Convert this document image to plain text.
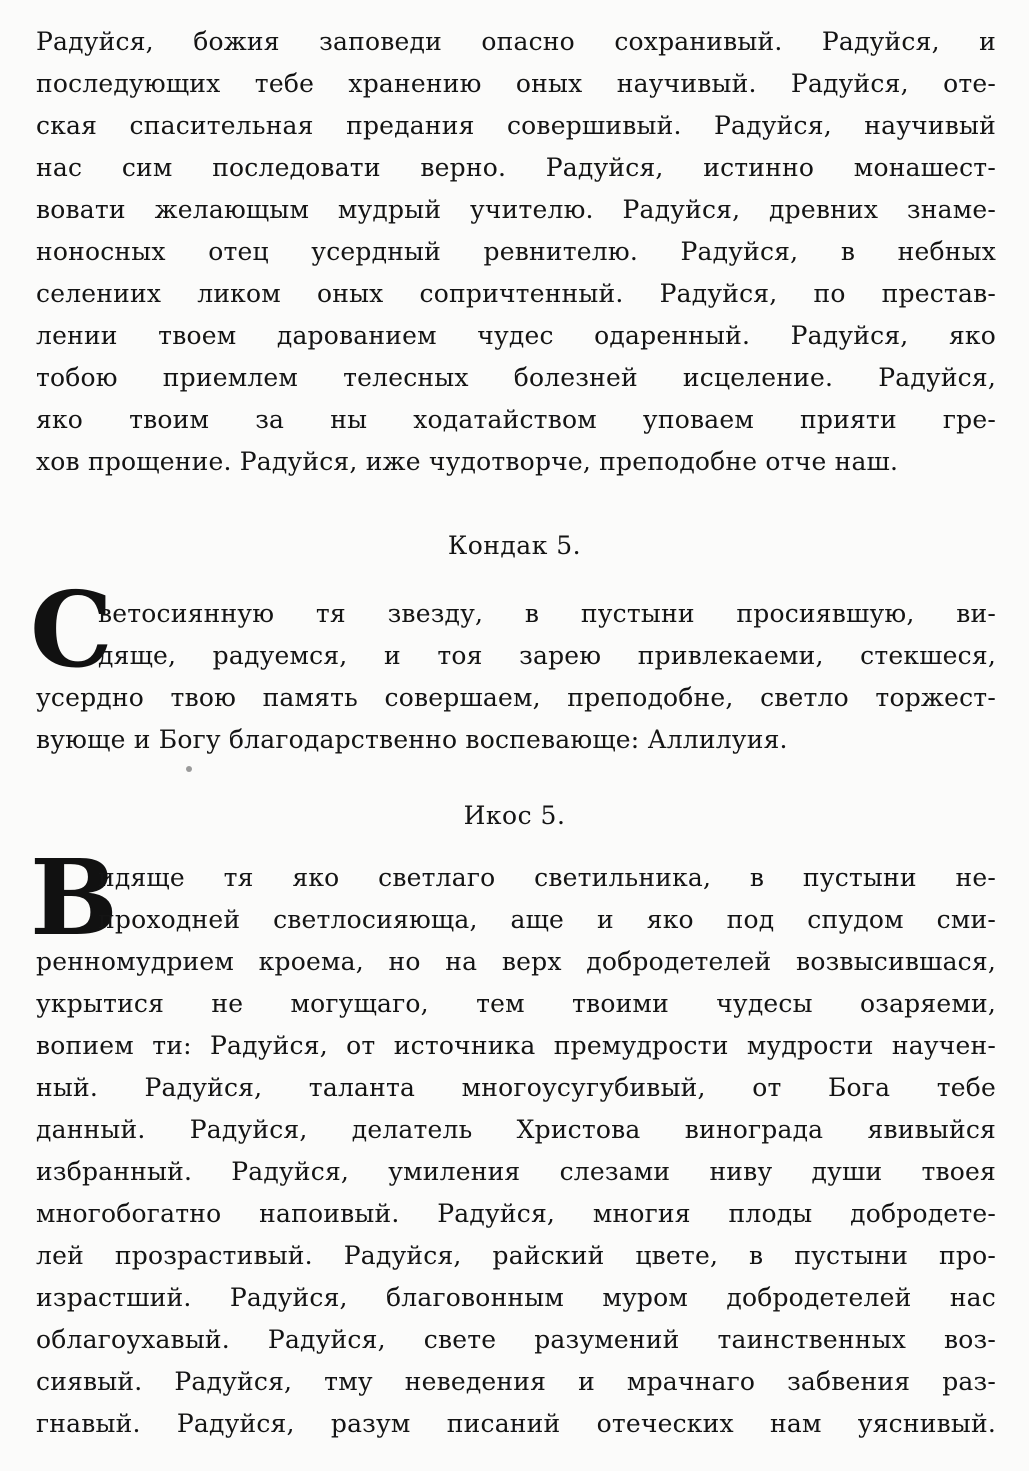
Радуйся, божия заповеди опасно сохранивый. Радуйся, и
последующих тебе хранению оных научивый. Радуйся, оте-
ская спасительная предания совершивый. Радуйся, научивый
нас сим последовати верно. Радуйся, истинно монашест-
вовати желающым мудрый учителю. Радуйся, древних знаме-
ноносных отец усердный ревнителю. Радуйся, в небных
селениих ликом оных сопричтенный. Радуйся, по престав-
лении твоем дарованием чудес одаренный. Радуйся, яко
тобою приемлем телесных болезней исцеление. Радуйся,
яко твоим за ны ходатайством уповаем прияти гре-
хов прощение. Радуйся, иже чудотворче, преподобне отче наш.
Кондак 5.
С
ветосиянную тя звезду, в пустыни просиявшую, ви-
дяще, радуемся, и тоя зарею привлекаеми, стекшеся,
усердно твою память совершаем, преподобне, светло торжест-
вующе и Богу благодарственно воспевающе: Аллилуия.
Икос 5.
В
идяще тя яко светлаго светильника, в пустыни не-
проходней светлосияюща, аще и яко под спудом сми-
ренномудрием кроема, но на верх добродетелей возвысившася,
укрытися не могущаго, тем твоими чудесы озаряеми,
вопием ти: Радуйся, от источника премудрости мудрости научен-
ный. Радуйся, таланта многоусугубивый, от Бога тебе
данный. Радуйся, делатель Христова винограда явивыйся
избранный. Радуйся, умиления слезами ниву души твоея
многобогатно напоивый. Радуйся, многия плоды добродете-
лей прозрастивый. Радуйся, райский цвете, в пустыни про-
израстший. Радуйся, благовонным муром добродетелей нас
облагоухавый. Радуйся, свете разумений таинственных воз-
сиявый. Радуйся, тму неведения и мрачнаго забвения раз-
гнавый. Радуйся, разум писаний отеческих нам уяснивый.
